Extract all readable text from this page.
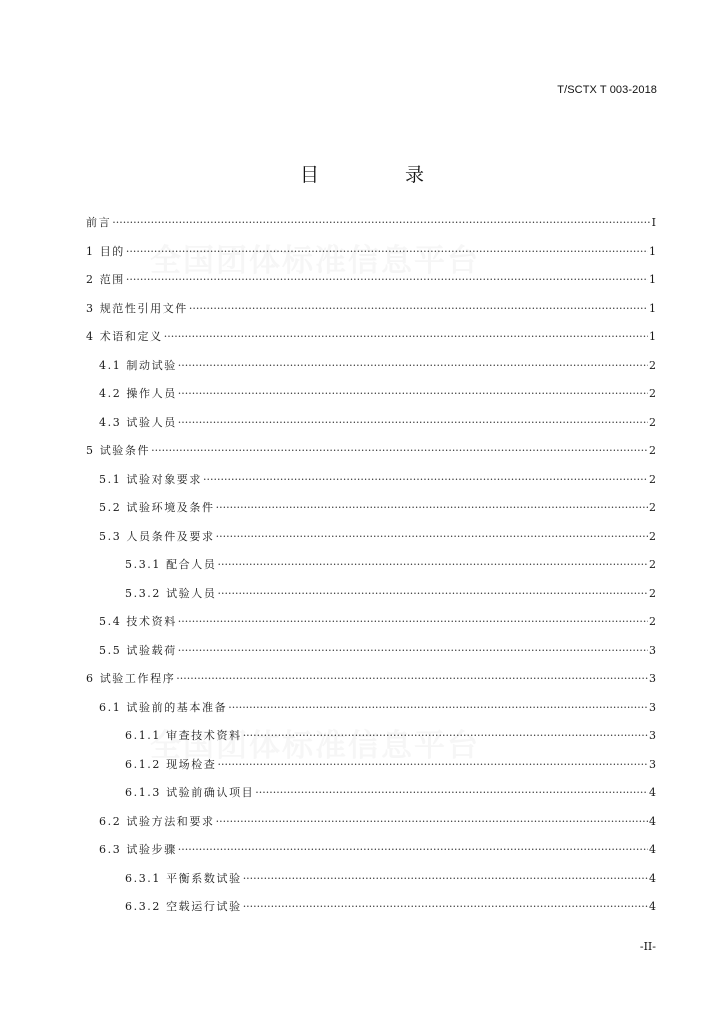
T/SCTX T 003-2018
目 录
前言 ·····	I
1 目的 ·····	1
2 范围 ·····	1
3 规范性引用文件 ·····	1
4 术语和定义 ·····	1
4.1 制动试验 ·····	2
4.2 操作人员 ·····	2
4.3 试验人员 ·····	2
5 试验条件 ·····	2
5.1 试验对象要求 ·····	2
5.2 试验环境及条件 ·····	2
5.3 人员条件及要求 ·····	2
5.3.1 配合人员 ·····	2
5.3.2 试验人员 ·····	2
5.4 技术资料 ·····	2
5.5 试验载荷 ·····	3
6 试验工作程序 ·····	3
6.1 试验前的基本准备 ·····	3
6.1.1 审查技术资料 ·····	3
6.1.2 现场检查 ·····	3
6.1.3 试验前确认项目 ·····	4
6.2 试验方法和要求 ·····	4
6.3 试验步骤 ·····	4
6.3.1 平衡系数试验 ·····	4
6.3.2 空载运行试验 ·····	4
-II-
